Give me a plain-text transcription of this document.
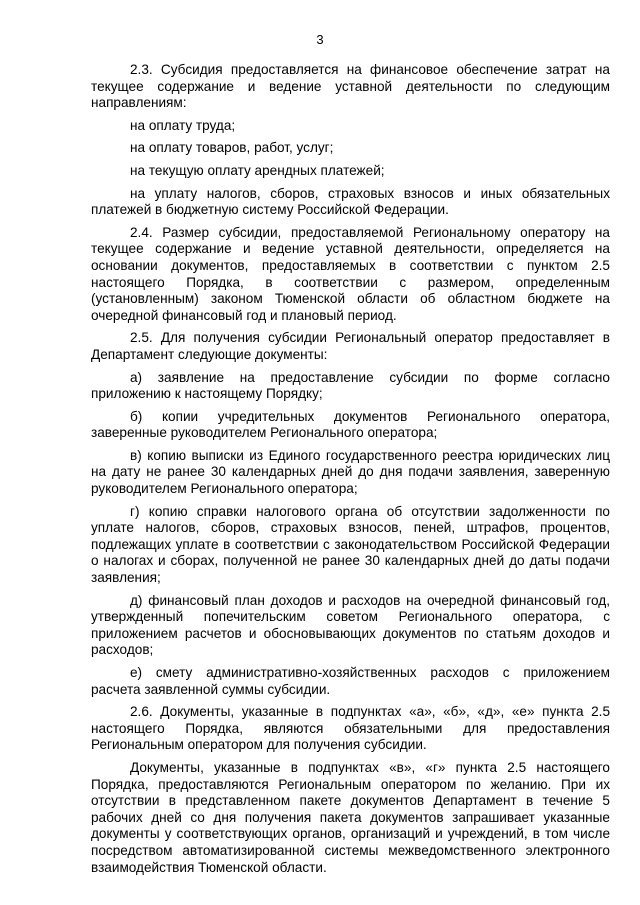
3

2.3. Субсидия предоставляется на финансовое обеспечение затрат на текущее содержание и ведение уставной деятельности по следующим направлениям:

на оплату труда;

на оплату товаров, работ, услуг;

на текущую оплату арендных платежей;

на уплату налогов, сборов, страховых взносов и иных обязательных платежей в бюджетную систему Российской Федерации.

2.4. Размер субсидии, предоставляемой Региональному оператору на текущее содержание и ведение уставной деятельности, определяется на основании документов, предоставляемых в соответствии с пунктом 2.5 настоящего Порядка, в соответствии с размером, определенным (установленным) законом Тюменской области об областном бюджете на очередной финансовый год и плановый период.

2.5. Для получения субсидии Региональный оператор предоставляет в Департамент следующие документы:

а) заявление на предоставление субсидии по форме согласно приложению к настоящему Порядку;

б) копии учредительных документов Регионального оператора, заверенные руководителем Регионального оператора;

в) копию выписки из Единого государственного реестра юридических лиц на дату не ранее 30 календарных дней до дня подачи заявления, заверенную руководителем Регионального оператора;

г) копию справки налогового органа об отсутствии задолженности по уплате налогов, сборов, страховых взносов, пеней, штрафов, процентов, подлежащих уплате в соответствии с законодательством Российской Федерации о налогах и сборах, полученной не ранее 30 календарных дней до даты подачи заявления;

д) финансовый план доходов и расходов на очередной финансовый год, утвержденный попечительским советом Регионального оператора, с приложением расчетов и обосновывающих документов по статьям доходов и расходов;

е) смету административно-хозяйственных расходов с приложением расчета заявленной суммы субсидии.

2.6. Документы, указанные в подпунктах «а», «б», «д», «е» пункта 2.5 настоящего Порядка, являются обязательными для предоставления Региональным оператором для получения субсидии.

Документы, указанные в подпунктах «в», «г» пункта 2.5 настоящего Порядка, предоставляются Региональным оператором по желанию. При их отсутствии в представленном пакете документов Департамент в течение 5 рабочих дней со дня получения пакета документов запрашивает указанные документы у соответствующих органов, организаций и учреждений, в том числе посредством автоматизированной системы межведомственного электронного взаимодействия Тюменской области.
